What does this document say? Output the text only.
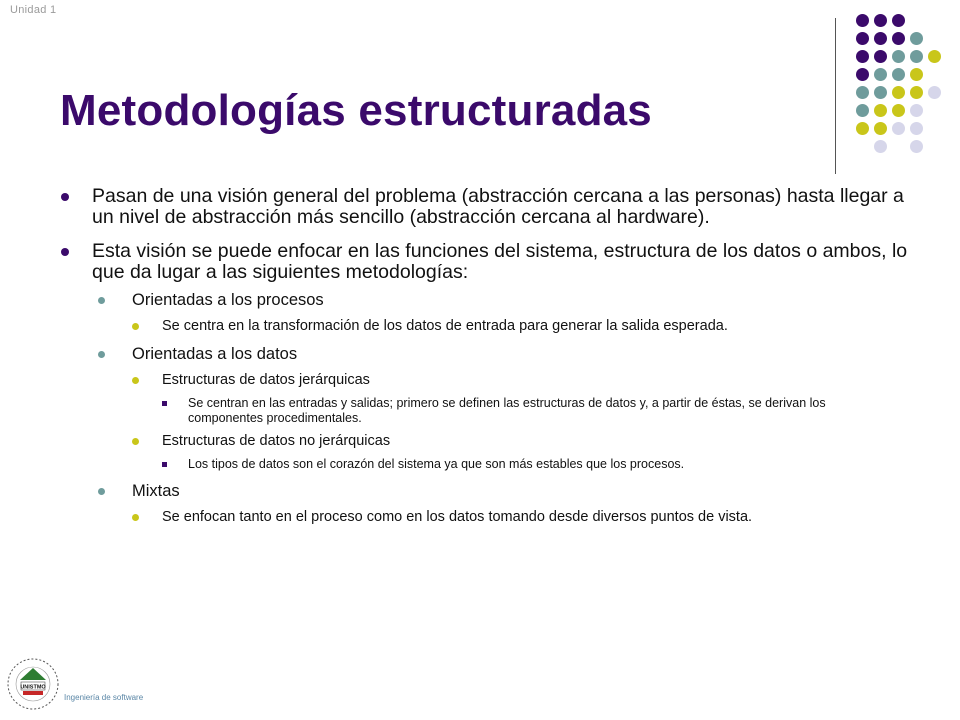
Unidad 1
Metodologías estructuradas
Pasan de una visión general del problema (abstracción cercana a las personas) hasta llegar a un nivel de abstracción más sencillo (abstracción cercana al hardware).
Esta visión se puede enfocar en las funciones del sistema, estructura de los datos o ambos, lo que da lugar a las siguientes metodologías:
Orientadas a los procesos
Se centra en la transformación de los datos de entrada para generar la salida esperada.
Orientadas a los datos
Estructuras de datos jerárquicas
Se centran en las entradas y salidas; primero se definen las estructuras de datos y, a partir de éstas, se derivan los componentes procedimentales.
Estructuras de datos no jerárquicas
Los tipos de datos son el corazón del sistema ya que son más estables que los procesos.
Mixtas
Se enfocan tanto en el proceso como en los datos tomando desde diversos puntos de vista.
UNISTMO
Ingeniería de software
